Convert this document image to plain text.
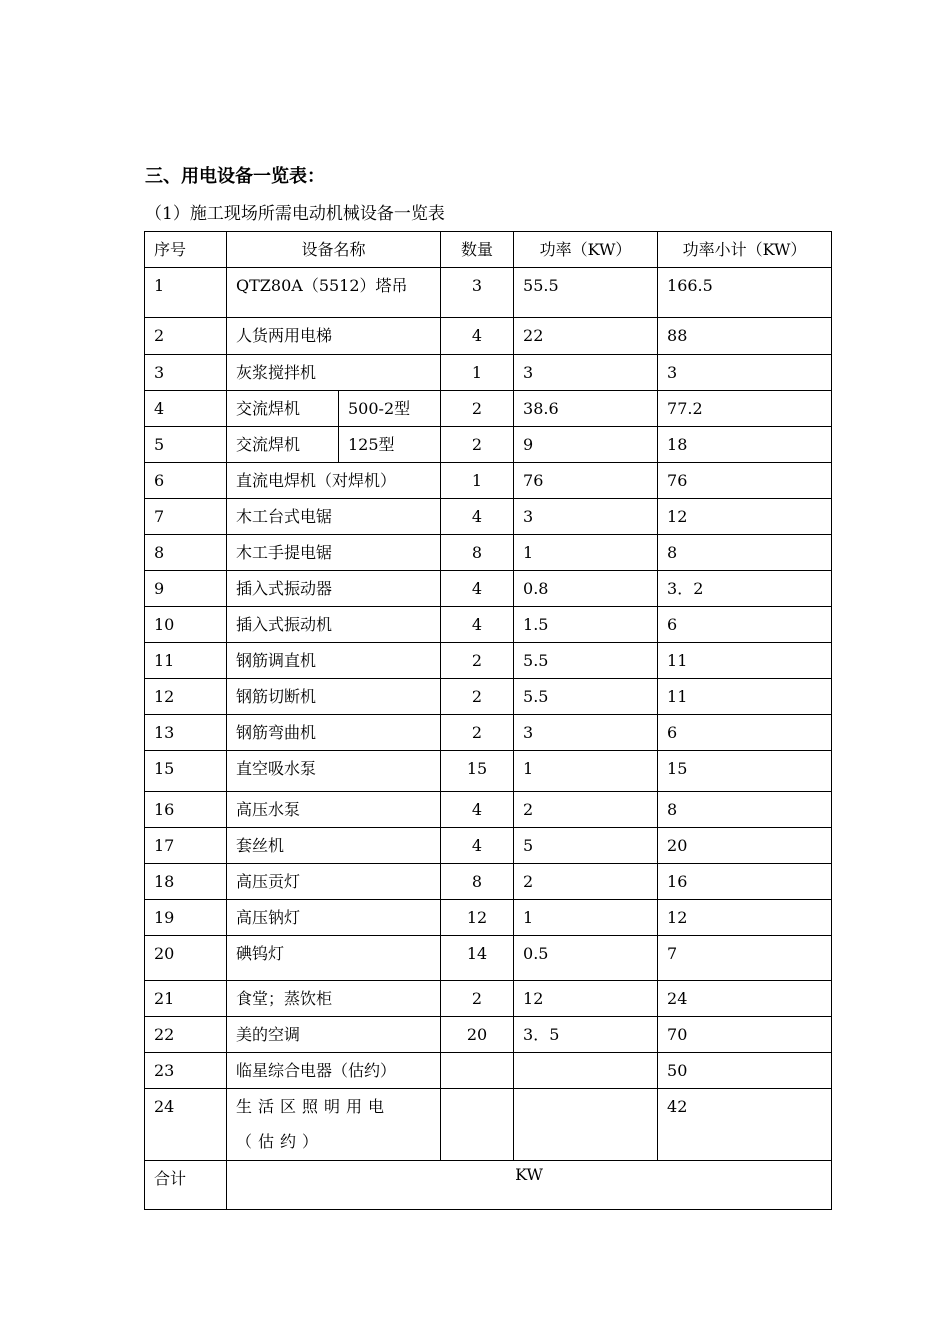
三、用电设备一览表：
（1）施工现场所需电动机械设备一览表
序号	设备名称		数量	功率（KW）	功率小计（KW）
1	QTZ80A（5512）塔吊		3	55.5	166.5
2	人货两用电梯		4	22	88
3	灰浆搅拌机		1	3	3
4	交流焊机	500-2型	2	38.6	77.2
5	交流焊机	125型	2	9	18
6	直流电焊机（对焊机）		1	76	76
7	木工台式电锯		4	3	12
8	木工手提电锯		8	1	8
9	插入式振动器		4	0.8	3．2
10	插入式振动机		4	1.5	6
11	钢筋调直机		2	5.5	11
12	钢筋切断机		2	5.5	11
13	钢筋弯曲机		2	3	6
15	直空吸水泵		15	1	15
16	高压水泵		4	2	8
17	套丝机		4	5	20
18	高压贡灯		8	2	16
19	高压钠灯		12	1	12
20	碘钨灯		14	0.5	7
21	食堂；蒸饮柜		2	12	24
22	美的空调		20	3．5	70
23	临星综合电器（估约）				50
24	生活区照明用电（估约）				42
合计	KW				
